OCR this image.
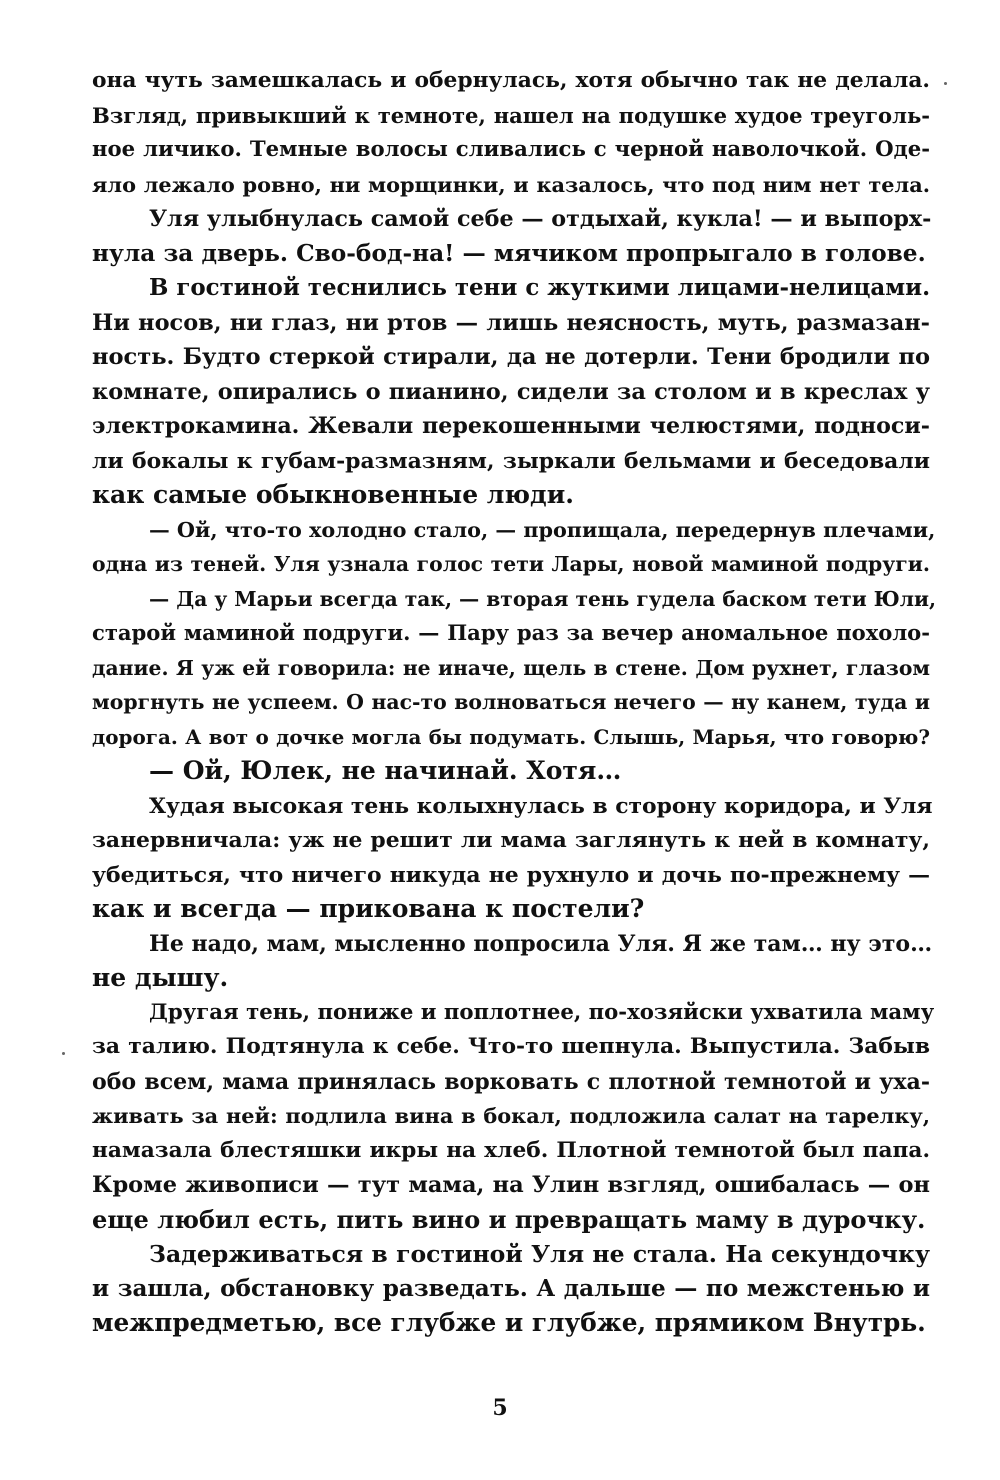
она чуть замешкалась и обернулась, хотя обычно так не делала.
Взгляд, привыкший к темноте, нашел на подушке худое треуголь-
ное личико. Темные волосы сливались с черной наволочкой. Оде-
яло лежало ровно, ни морщинки, и казалось, что под ним нет тела.
Уля улыбнулась самой себе — отдыхай, кукла! — и выпорх-
нула за дверь. Сво-бод-на! — мячиком пропрыгало в голове.
В гостиной теснились тени с жуткими лицами-нелицами.
Ни носов, ни глаз, ни ртов — лишь неясность, муть, размазан-
ность. Будто стеркой стирали, да не дотерли. Тени бродили по
комнате, опирались о пианино, сидели за столом и в креслах у
электрокамина. Жевали перекошенными челюстями, подноси-
ли бокалы к губам-размазням, зыркали бельмами и беседовали
как самые обыкновенные люди.
— Ой, что-то холодно стало, — пропищала, передернув плечами,
одна из теней. Уля узнала голос тети Лары, новой маминой подруги.
— Да у Марьи всегда так, — вторая тень гудела баском тети Юли,
старой маминой подруги. — Пару раз за вечер аномальное похоло-
дание. Я уж ей говорила: не иначе, щель в стене. Дом рухнет, глазом
моргнуть не успеем. О нас-то волноваться нечего — ну канем, туда и
дорога. А вот о дочке могла бы подумать. Слышь, Марья, что говорю?
— Ой, Юлек, не начинай. Хотя…
Худая высокая тень колыхнулась в сторону коридора, и Уля
занервничала: уж не решит ли мама заглянуть к ней в комнату,
убедиться, что ничего никуда не рухнуло и дочь по-прежнему —
как и всегда — прикована к постели?
Не надо, мам, мысленно попросила Уля. Я же там… ну это…
не дышу.
Другая тень, пониже и поплотнее, по-хозяйски ухватила маму
за талию. Подтянула к себе. Что-то шепнула. Выпустила. Забыв
обо всем, мама принялась ворковать с плотной темнотой и уха-
живать за ней: подлила вина в бокал, подложила салат на тарелку,
намазала блестяшки икры на хлеб. Плотной темнотой был папа.
Кроме живописи — тут мама, на Улин взгляд, ошибалась — он
еще любил есть, пить вино и превращать маму в дурочку.
Задерживаться в гостиной Уля не стала. На секундочку
и зашла, обстановку разведать. А дальше — по межстенью и
межпредметью, все глубже и глубже, прямиком Внутрь.
5
